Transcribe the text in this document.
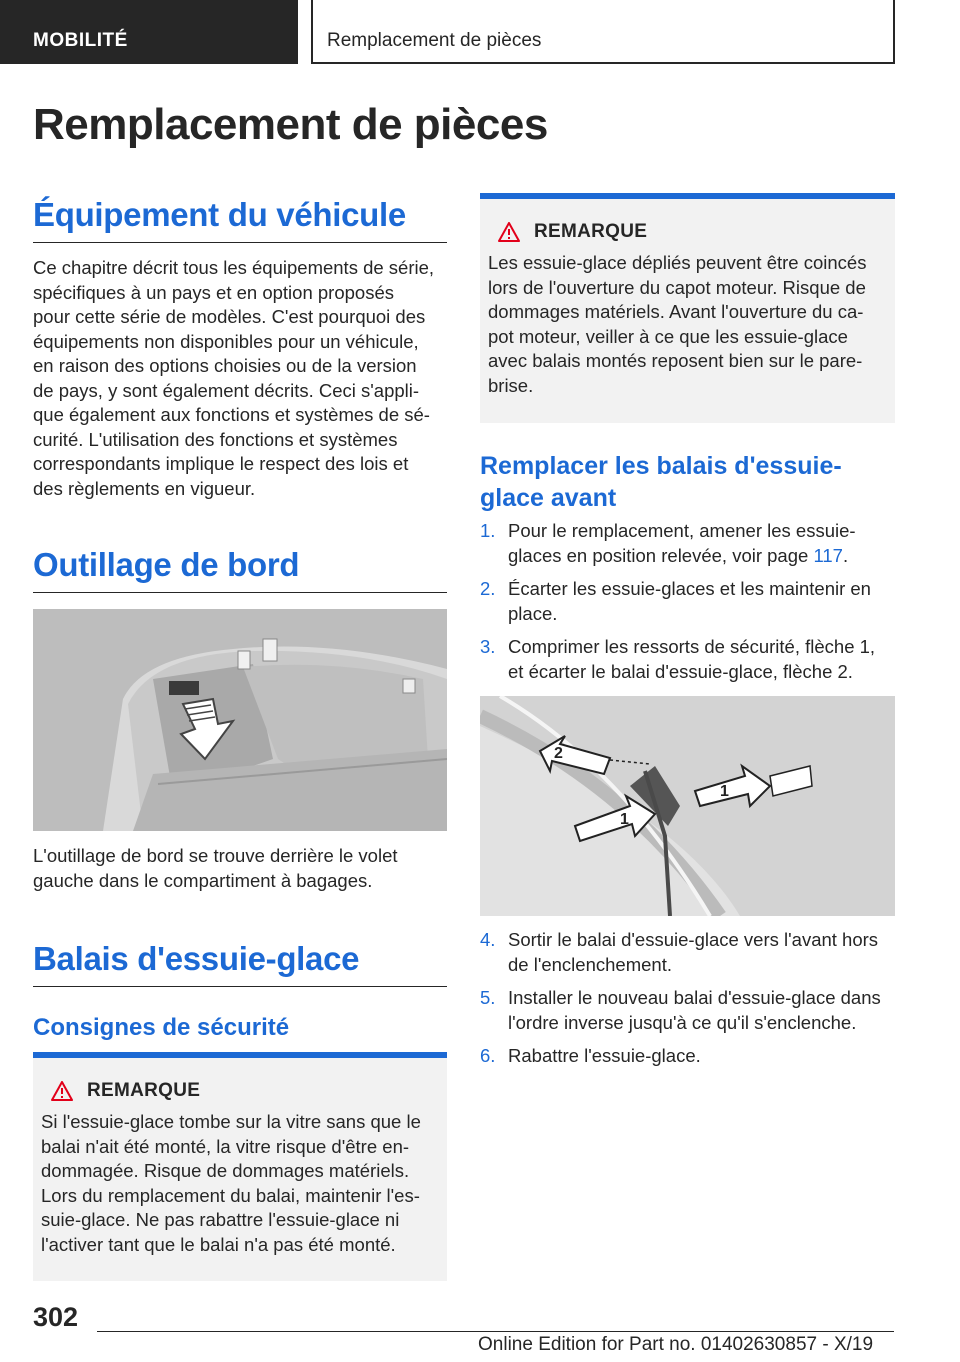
MOBILITÉ	Remplacement de pièces
Remplacement de pièces
Équipement du véhicule
Ce chapitre décrit tous les équipements de série,
spécifiques à un pays et en option proposés
pour cette série de modèles. C'est pourquoi des
équipements non disponibles pour un véhicule,
en raison des options choisies ou de la version
de pays, y sont également décrits. Ceci s'appli-
que également aux fonctions et systèmes de sé-
curité. L'utilisation des fonctions et systèmes
correspondants implique le respect des lois et
des règlements en vigueur.
Outillage de bord
L'outillage de bord se trouve derrière le volet
gauche dans le compartiment à bagages.
Balais d'essuie-glace
Consignes de sécurité
REMARQUE
Si l'essuie-glace tombe sur la vitre sans que le
balai n'ait été monté, la vitre risque d'être en-
dommagée. Risque de dommages matériels.
Lors du remplacement du balai, maintenir l'es-
suie-glace. Ne pas rabattre l'essuie-glace ni
l'activer tant que le balai n'a pas été monté.
REMARQUE
Les essuie-glace dépliés peuvent être coincés
lors de l'ouverture du capot moteur. Risque de
dommages matériels. Avant l'ouverture du ca-
pot moteur, veiller à ce que les essuie-glace
avec balais montés reposent bien sur le pare-
brise.
Remplacer les balais d'essuie-
glace avant
1. Pour le remplacement, amener les essuie-
glaces en position relevée, voir page 117.
2. Écarter les essuie-glaces et les maintenir en
place.
3. Comprimer les ressorts de sécurité, flèche 1,
et écarter le balai d'essuie-glace, flèche 2.
2
1
1
4. Sortir le balai d'essuie-glace vers l'avant hors
de l'enclenchement.
5. Installer le nouveau balai d'essuie-glace dans
l'ordre inverse jusqu'à ce qu'il s'enclenche.
6. Rabattre l'essuie-glace.
302
Online Edition for Part no. 01402630857 - X/19
